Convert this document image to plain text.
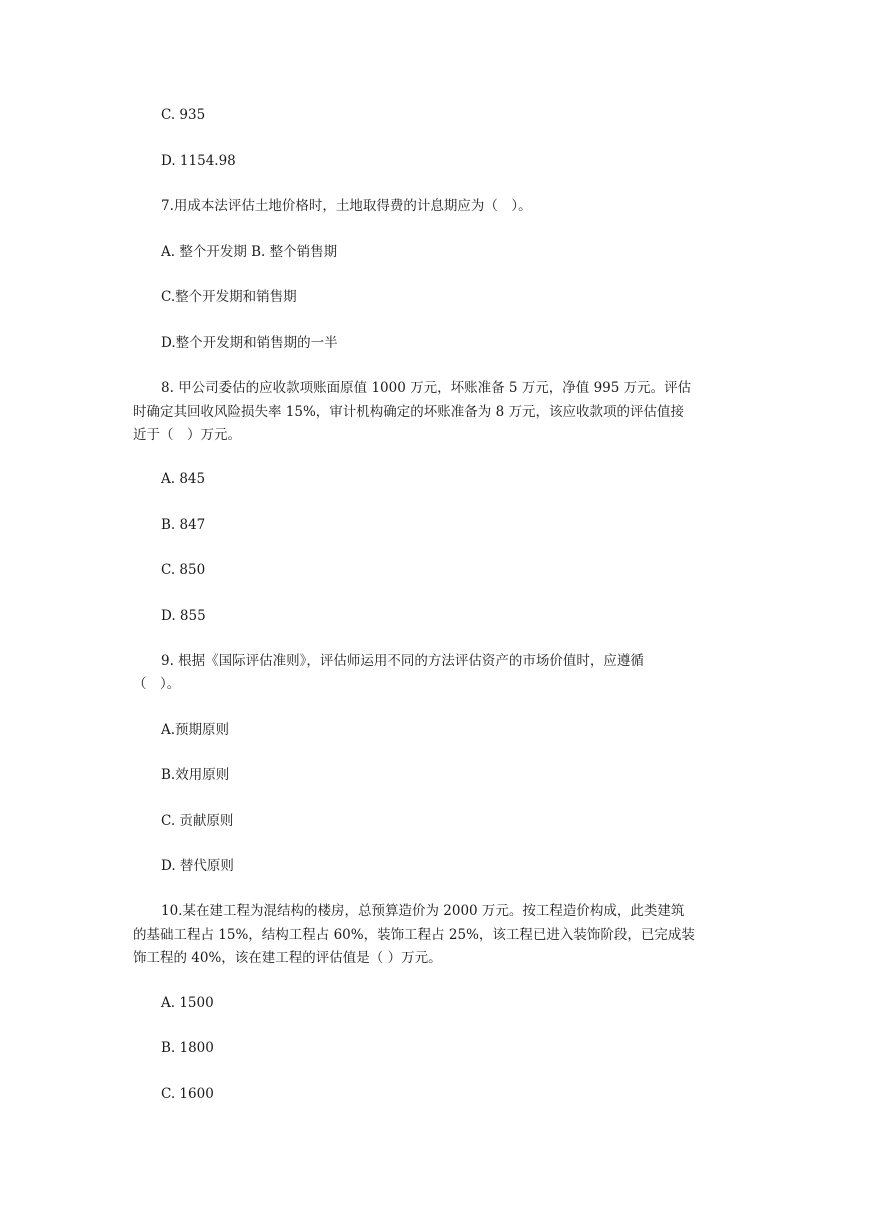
C. 935
D. 1154.98
7.用成本法评估土地价格时，土地取得费的计息期应为（　）。
A. 整个开发期 B. 整个销售期
C.整个开发期和销售期
D.整个开发期和销售期的一半
8. 甲公司委估的应收款项账面原值 1000 万元，坏账准备 5 万元，净值 995 万元。评估
时确定其回收风险损失率 15%，审计机构确定的坏账准备为 8 万元，该应收款项的评估值接
近于（　）万元。
A. 845
B. 847
C. 850
D. 855
9. 根据《国际评估准则》，评估师运用不同的方法评估资产的市场价值时，应遵循
（　）。
A.预期原则
B.效用原则
C. 贡献原则
D. 替代原则
10.某在建工程为混结构的楼房，总预算造价为 2000 万元。按工程造价构成，此类建筑
的基础工程占 15%，结构工程占 60%，装饰工程占 25%，该工程已进入装饰阶段，已完成装
饰工程的 40%，该在建工程的评估值是（ ）万元。
A. 1500
B. 1800
C. 1600
